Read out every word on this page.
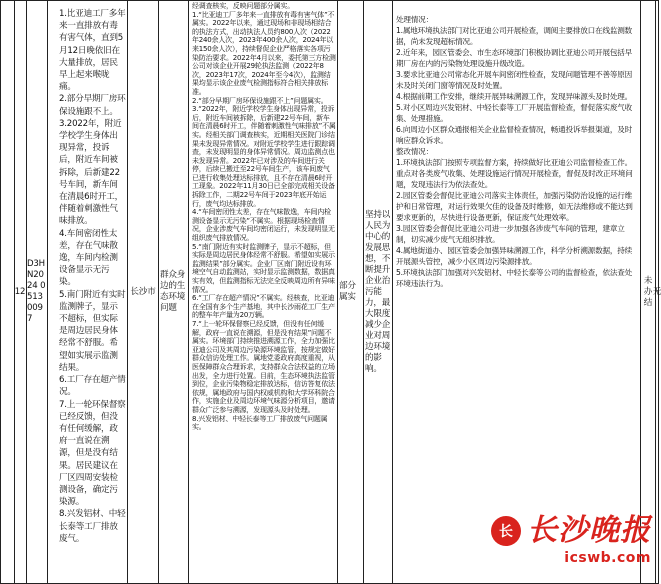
12
D3HN2024 0513 0097

1.比亚迪工厂多年来一直排放有毒有害气体，直到5月12日晚依旧在大量排放，居民早上起来喉咙痛。

2.部分早期厂房环保设施跟不上。

3.2022年，附近学校学生身体出现异常，投诉后，附近车间被拆除，后新建22号车间，新车间在清晨6时开工，伴随着刺激性气味排放。

4.车间密闭性太差，存在气味散逸，车间内检测设备显示无污染。

5.南门附近有实时监测牌子，显示不超标，但实际是周边居民身体经常不舒服。希望如实展示监测结果。

6.工厂存在超产情况。

7.上一轮环保督察已经反馈，但没有任何缓解，政府一直说在溯源，但是没有结果。居民建议在厂区四周安装检测设备，确定污染源。

8.兴发铝材、中轻长泰等工厂排放废气。

长沙市
群众身边的生态环境问题

经调查核实，反映问题部分属实。

1.“比亚迪工厂多年来一直排放有毒有害气体”不属实。2022年以来，通过现场和非现场相结合的执法方式，出动执法人员约800人次（2022年240余人次，2023年400余人次，2024年以来150余人次），持续督促企业严格落实各项污染防治要求。2022年4月以来，委托第三方检测公司对该企业开展29轮执法监测（2022年8次，2023年17次，2024年至今4次），监测结果均显示该企业废气检测指标符合相关排放标准。

2.“部分早期厂房环保设施跟不上”问题属实。

3.“2022年，附近学校学生身体出现异常，投诉后，附近车间被拆除，后新建22号车间，新车间在清晨6时开工，伴随着刺激性气味排放”不属实。经相关部门调查核实，近期相关医院门诊结果未发现异常情况。对附近学校学生进行跟踪调查，未发现明显的身体异常情况。周边监测点也未发现异常。2022年已对涉及的车间进行关停，后续已搬迁至22号车间生产，该车间废气已进行收集处理达标排放，且不存在清晨6时开工现象。2022年11月30日已全部完成相关设备拆除工作，二期22号车间于2023年底开始运行，废气均达标排放。

4.“车间密闭性太差，存在气味散逸，车间内检测设备显示无污染”不属实。根据现场检查情况，企业涉废气车间均密闭运行，未发现明显无组织废气排放情况。

5.“南门附近有实时监测牌子，显示不超标，但实际是周边居民身体经常不舒服。希望如实展示监测结果”部分属实。企业厂区南门附近设有环境空气自动监测站，实时显示监测数据，数据真实有效，但监测指标无法完全反映周边所有异味情况。

6.“工厂存在超产情况”不属实。经核查，比亚迪在全国有多个生产基地，其中长沙雨花工厂生产的整车年产量为20万辆。

7.“上一轮环保督察已经反馈，但没有任何缓解，政府一直说在溯源，但是没有结果”问题不属实。环境部门持续推进溯源工作，全力加强比亚迪公司及其周边污染源环境监管，按规定做好群众信访处理工作。属地党委政府高度重视，从医保障群众合理诉求，支持群众合法权益的立场出发，全力进行处置。目前，生态环境执法监管到位，企业污染物稳定排放达标，信访答复依法依规，属地政府与国内权威机构和大学环科院合作，实施企业及周边环境气味源分析项目，邀请群众广泛参与溯源，发现源头及时处理。

8.兴发铝材、中轻长泰等工厂排放废气问题属实。

部分属实
坚持以人民为中心的发展思想，不断提升企业治污能力，最大限度减少企业对周边环境的影响。

处理情况：

1.属地环境执法部门对比亚迪公司开展检查，调阅主要排放口在线监测数据，尚未发现超标情况。

2.近年来，园区管委会、市生态环境部门积极协调比亚迪公司开展包括早期厂房在内的污染物处理设施升级改造。

3.要求比亚迪公司常态化开展车间密闭性检查，发现问题管理不善等原因未及时关闭门窗等情况及时处置。

4.根据前期工作安排，继续开展异味溯源工作，发现异味源头及时处理。

5.对小区周边兴发铝材、中轻长泰等工厂开展监督检查，督促落实废气收集、处理措施。

6.向周边小区群众通报相关企业监督检查情况，畅通投诉举报渠道，及时响应群众诉求。

整改情况：

1.环境执法部门按照专项监督方案，持续做好比亚迪公司监督检查工作。重点对各类废气收集、处理设施运行情况开展检查，督促及时改正环境问题，发现违法行为依法查处。

2.园区管委会督促比亚迪公司落实主体责任，加强污染防治设施的运行维护和日常管理，对运行效果欠佳的设备及时维修，如无法维修或不能达到要求更新的，尽快进行设备更新，保证废气处理效率。

3.园区管委会督促比亚迪公司进一步加强各涉废气车间的管理，建章立制，切实减少废气无组织排放。

4.属地街道办、园区管委会加强异味溯源工作，科学分析溯源数据，持续开展源头管控，减少小区周边污染源排放。

5.环境执法部门加强对兴发铝材、中轻长泰等公司的监督检查，依法查处环境违法行为。	未办结
无
长 长沙晚报
icswb.com
